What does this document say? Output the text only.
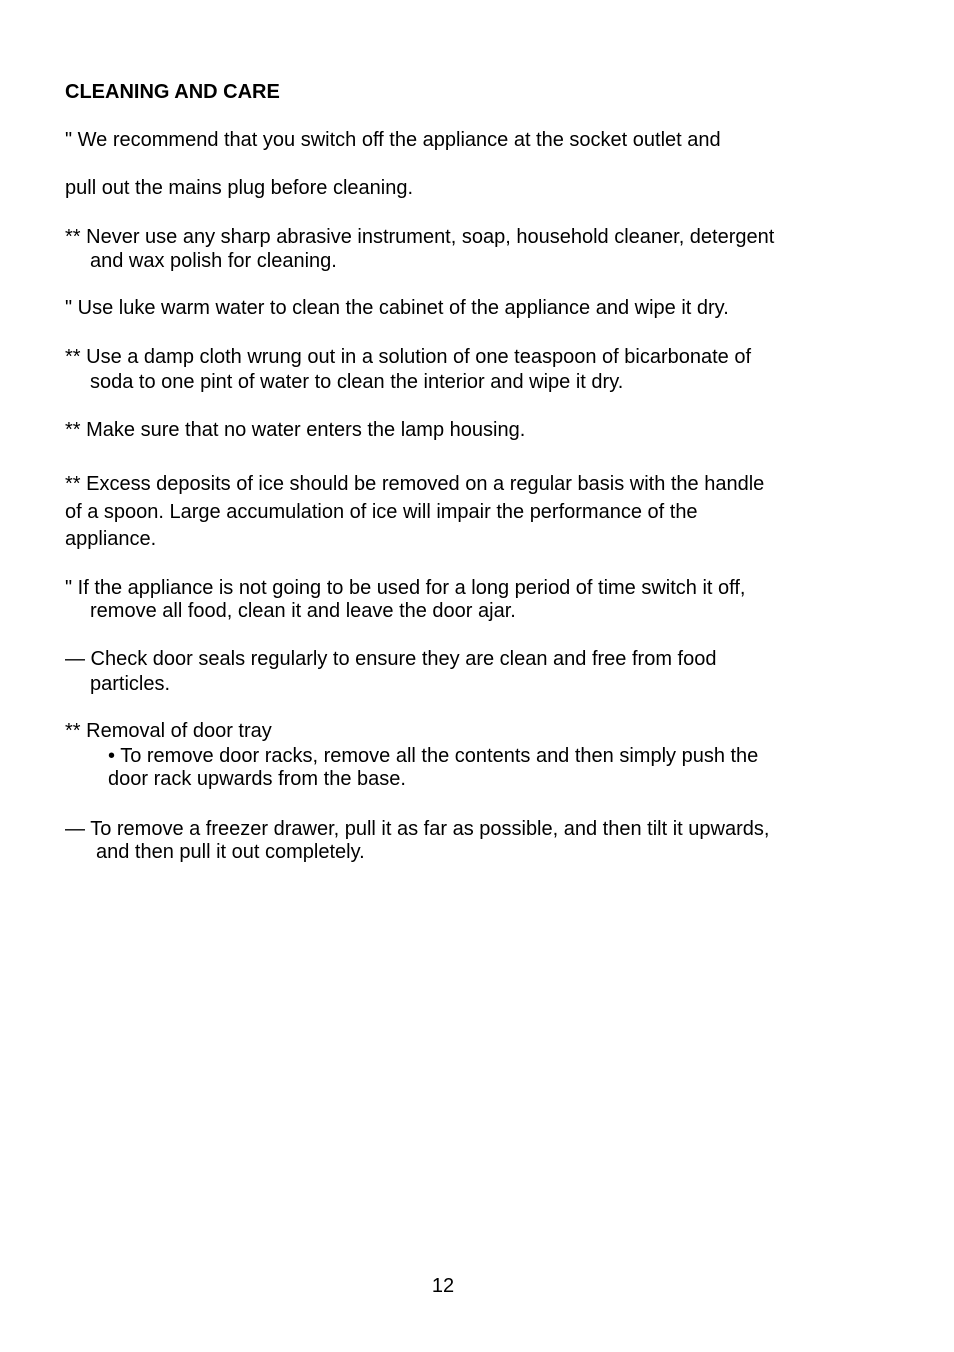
CLEANING AND CARE
" We recommend that you switch off the appliance at the socket outlet and
pull out the mains plug before cleaning.
** Never use any sharp abrasive instrument, soap, household cleaner, detergent
and wax polish for cleaning.
" Use luke warm water to clean the cabinet of the appliance and wipe it dry.
** Use a damp cloth wrung out in a solution of one teaspoon of bicarbonate of
soda to one pint of water to clean the interior and wipe it dry.
** Make sure that no water enters the lamp housing.
** Excess deposits of ice should be removed on a regular basis with the handle
of a spoon. Large accumulation of ice will impair the performance of the
appliance.
" If the appliance is not going to be used for a long period of time switch it off,
remove all food, clean it and leave the door ajar.
— Check door seals regularly to ensure they are clean and free from food
particles.
** Removal of door tray
• To remove door racks, remove all the contents and then simply push the
door rack upwards from the base.
— To remove a freezer drawer, pull it as far as possible, and then tilt it upwards,
and then pull it out completely.
12
